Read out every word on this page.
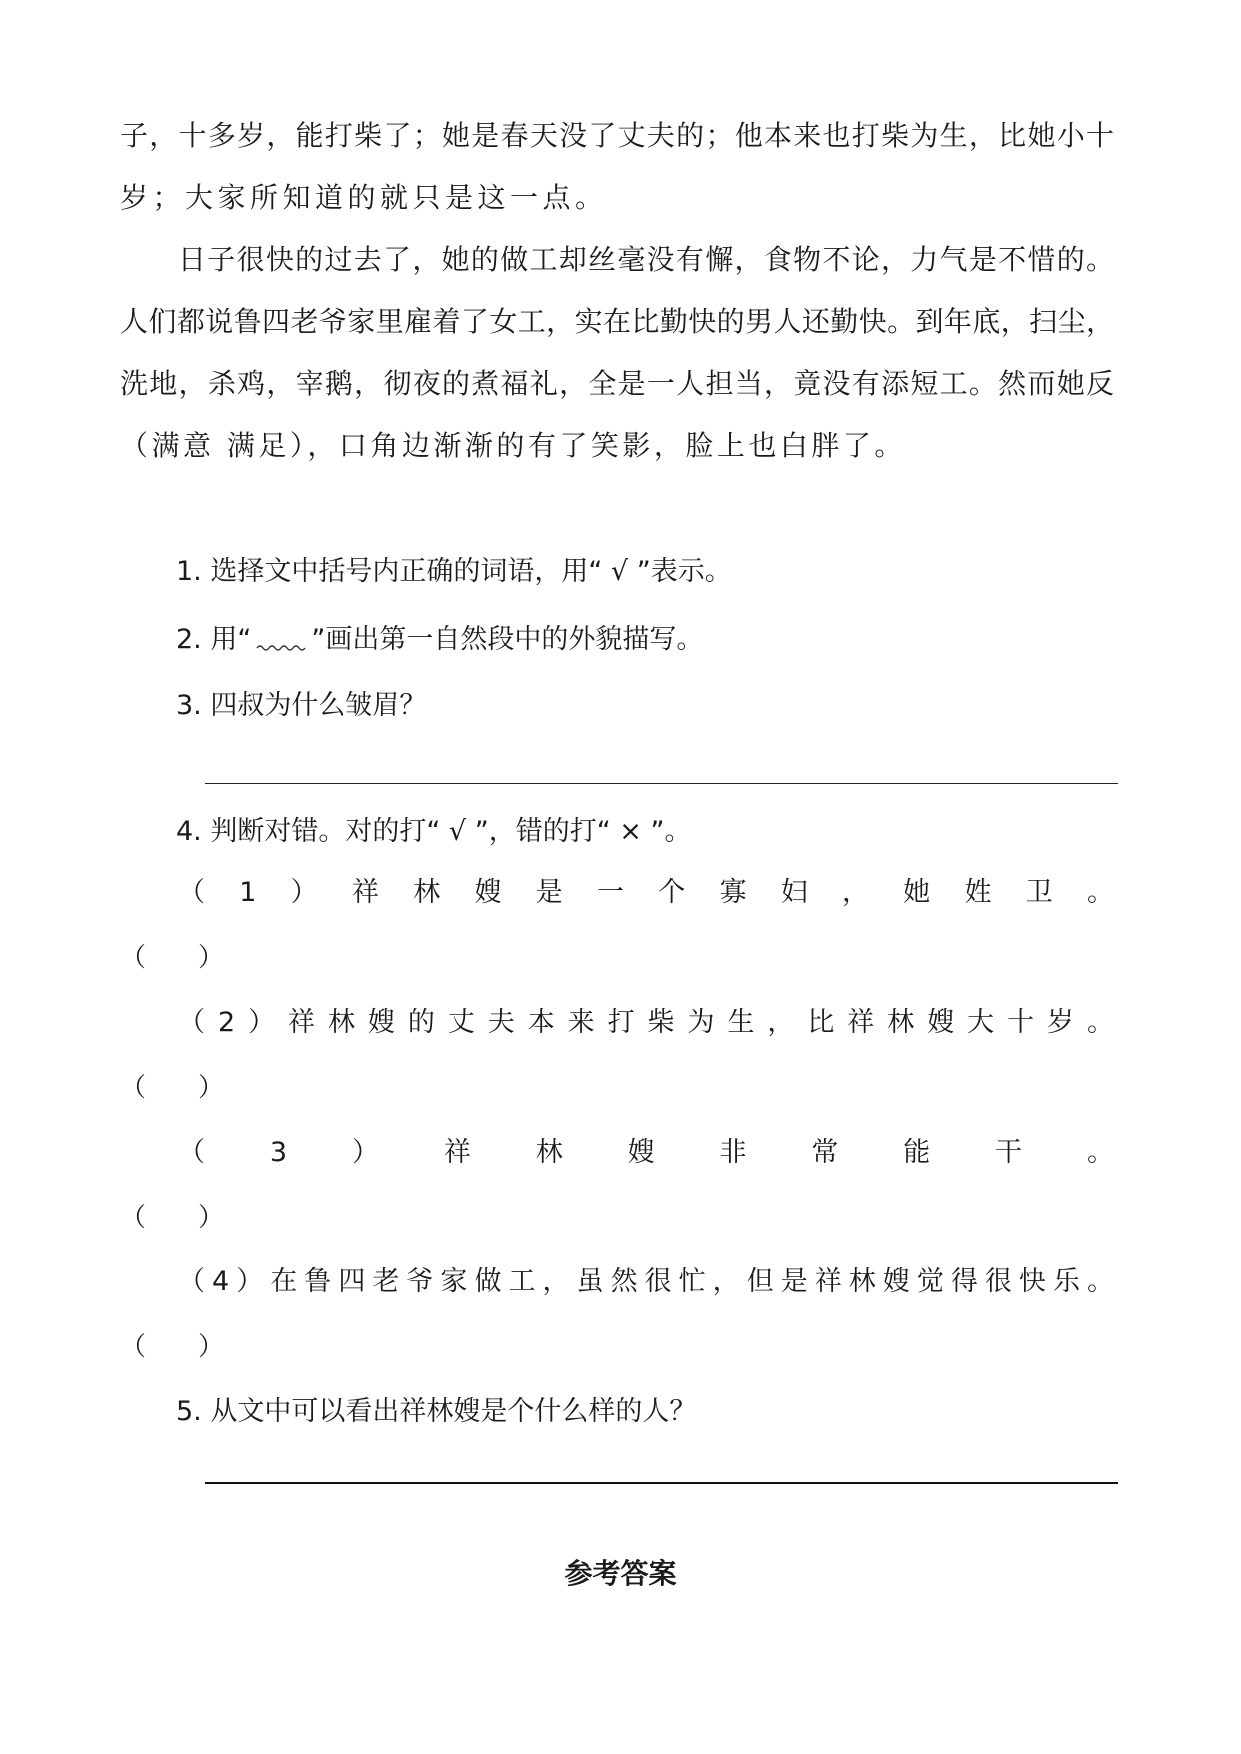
子，十多岁，能打柴了；她是春天没了丈夫的；他本来也打柴为生，比她小十
岁；大家所知道的就只是这一点。
日子很快的过去了，她的做工却丝毫没有懈，食物不论，力气是不惜的。
人们都说鲁四老爷家里雇着了女工，实在比勤快的男人还勤快。到年底，扫尘，
洗地，杀鸡，宰鹅，彻夜的煮福礼，全是一人担当，竟没有添短工。然而她反
（满意 满足），口角边渐渐的有了笑影，脸上也白胖了。
1. 选择文中括号内正确的词语，用“ √ ”表示。
2. 用“ ”画出第一自然段中的外貌描写。
3. 四叔为什么皱眉？
4. 判断对错。对的打“ √ ”，错的打“ × ”。
（1）祥林嫂是一个寡妇，她姓卫。
（　　）
（2）祥林嫂的丈夫本来打柴为生，比祥林嫂大十岁。
（　　）
（3）祥林嫂非常能干。
（　　）
（4）在鲁四老爷家做工，虽然很忙，但是祥林嫂觉得很快乐。
（　　）
5. 从文中可以看出祥林嫂是个什么样的人？
参考答案
